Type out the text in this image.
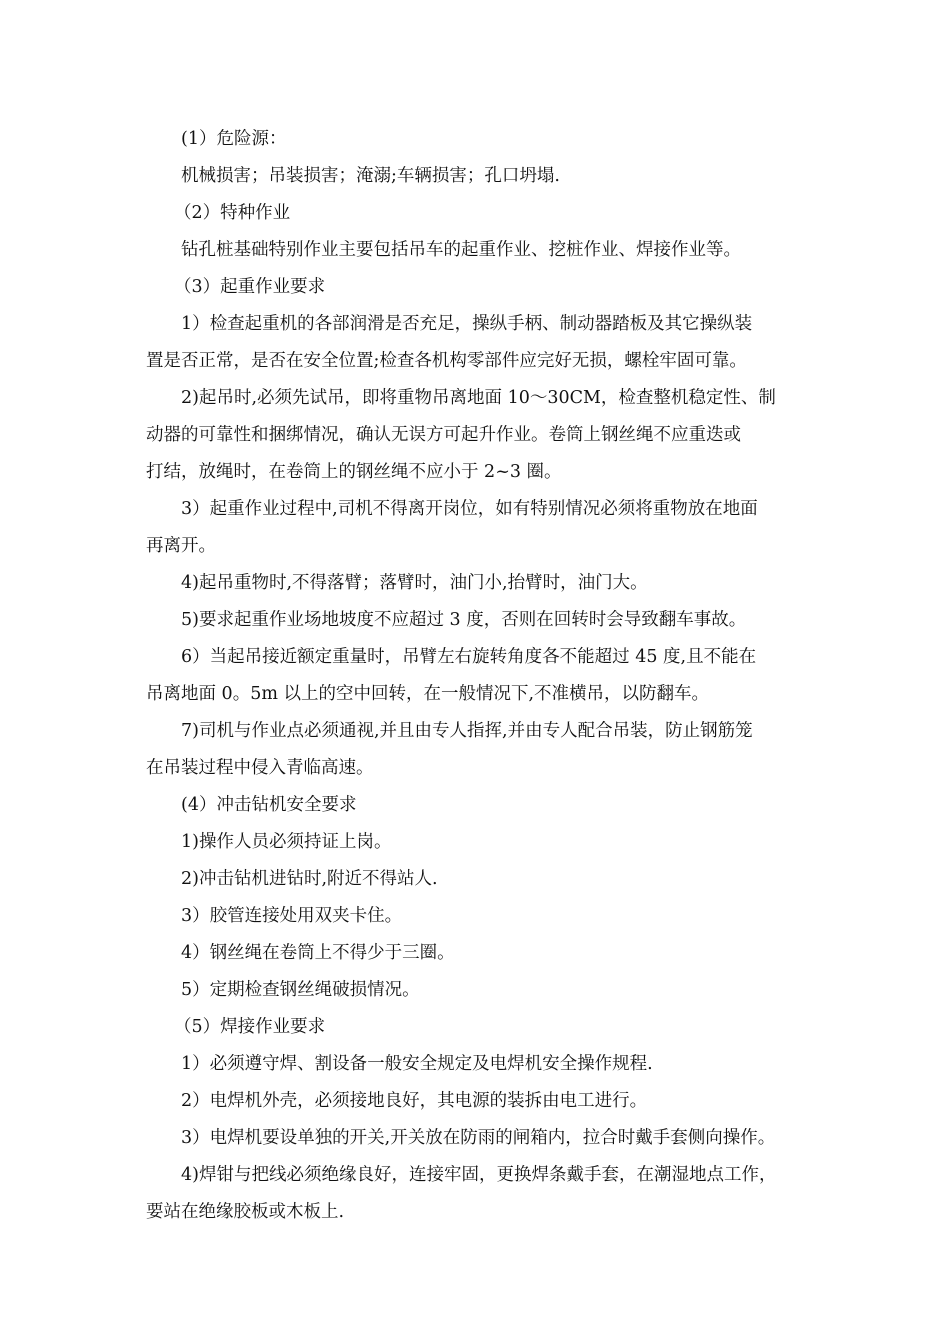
(1）危险源：
机械损害；吊装损害；淹溺;车辆损害；孔口坍塌.
（2）特种作业
钻孔桩基础特别作业主要包括吊车的起重作业、挖桩作业、焊接作业等。
（3）起重作业要求
1）检查起重机的各部润滑是否充足，操纵手柄、制动器踏板及其它操纵装
置是否正常，是否在安全位置;检查各机构零部件应完好无损，螺栓牢固可靠。
2)起吊时,必须先试吊，即将重物吊离地面 10～30CM，检查整机稳定性、制
动器的可靠性和捆绑情况，确认无误方可起升作业。卷筒上钢丝绳不应重迭或
打结，放绳时，在卷筒上的钢丝绳不应小于 2~3 圈。
3）起重作业过程中,司机不得离开岗位，如有特别情况必须将重物放在地面
再离开。
4)起吊重物时,不得落臂；落臂时，油门小,抬臂时，油门大。
5)要求起重作业场地坡度不应超过 3 度，否则在回转时会导致翻车事故。
6）当起吊接近额定重量时，吊臂左右旋转角度各不能超过 45 度,且不能在
吊离地面 0。5m 以上的空中回转，在一般情况下,不准横吊，以防翻车。
7)司机与作业点必须通视,并且由专人指挥,并由专人配合吊装，防止钢筋笼
在吊装过程中侵入青临高速。
(4）冲击钻机安全要求
1)操作人员必须持证上岗。
2)冲击钻机进钻时,附近不得站人.
3）胶管连接处用双夹卡住。
4）钢丝绳在卷筒上不得少于三圈。
5）定期检查钢丝绳破损情况。
（5）焊接作业要求
1）必须遵守焊、割设备一般安全规定及电焊机安全操作规程.
2）电焊机外壳，必须接地良好，其电源的装拆由电工进行。
3）电焊机要设单独的开关,开关放在防雨的闸箱内，拉合时戴手套侧向操作。
4)焊钳与把线必须绝缘良好，连接牢固，更换焊条戴手套，在潮湿地点工作，
要站在绝缘胶板或木板上.
